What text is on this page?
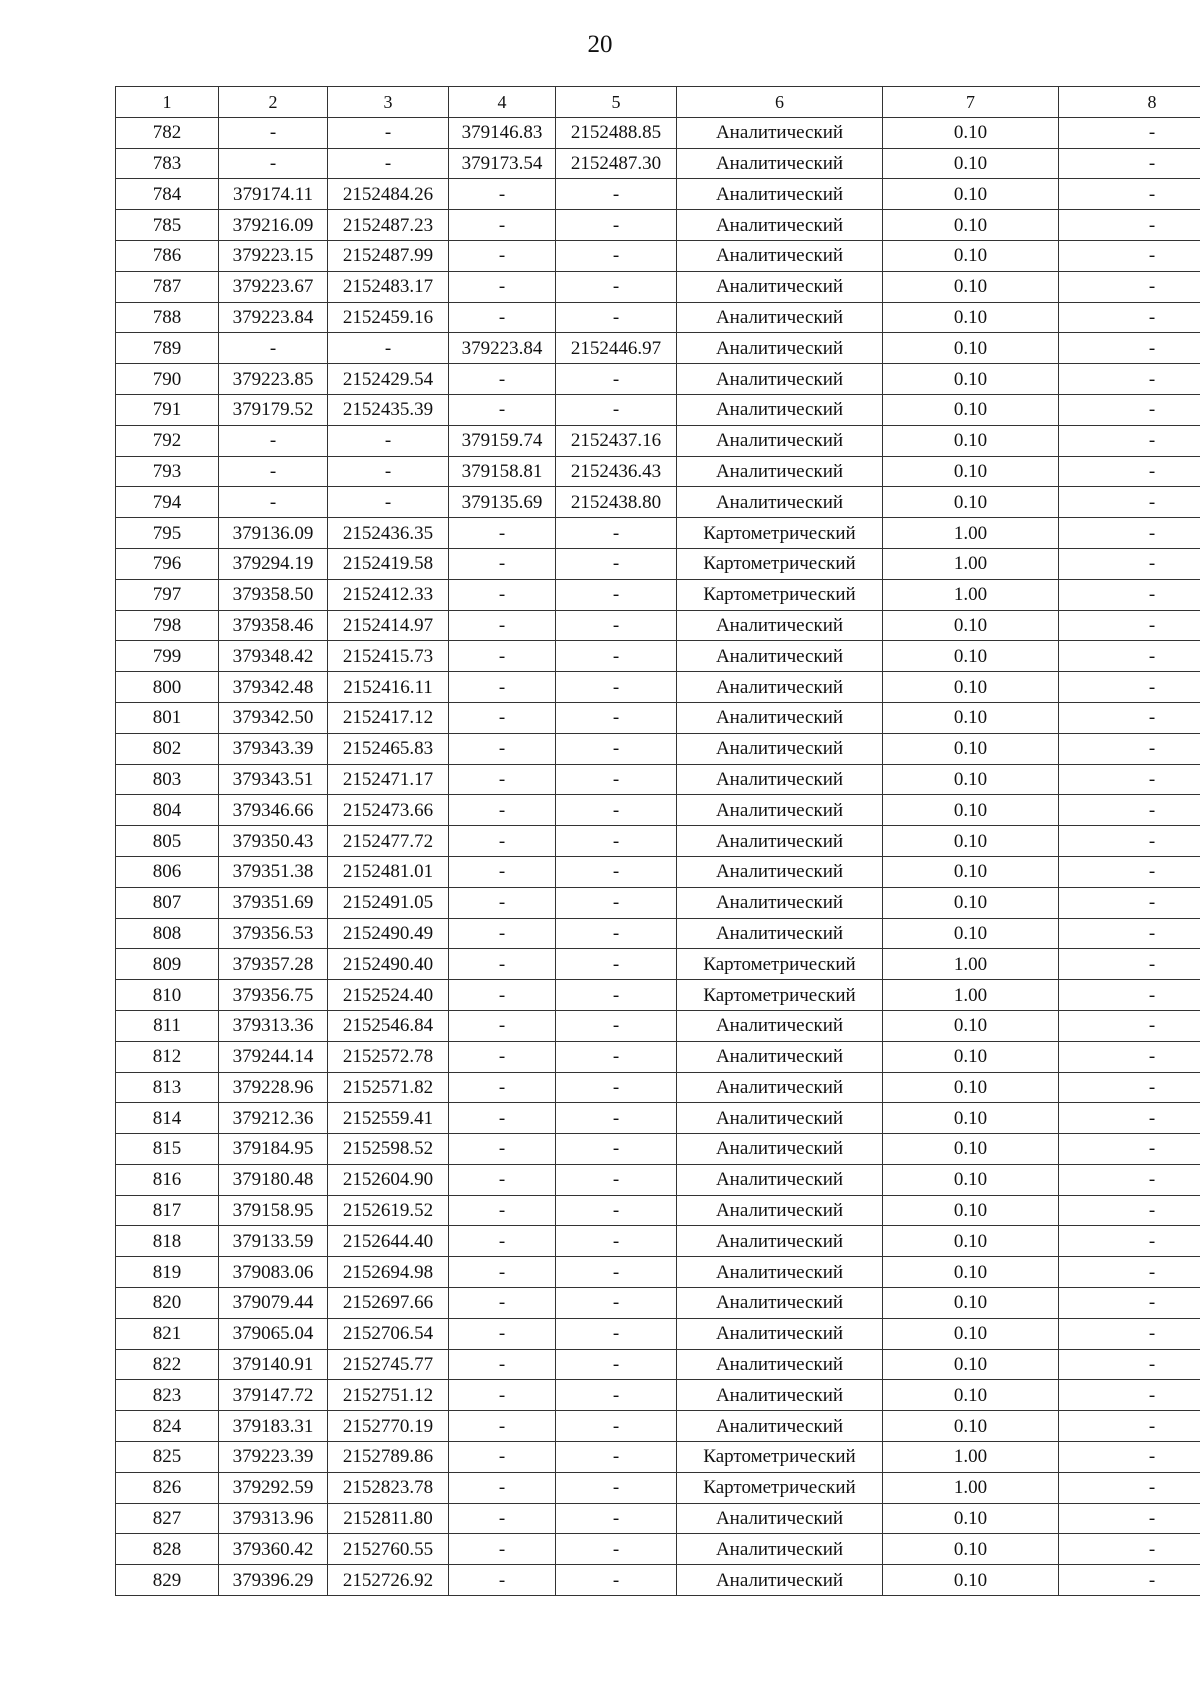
20
1	2	3	4	5	6	7	8
782	-	-	379146.83	2152488.85	Аналитический	0.10	-
783	-	-	379173.54	2152487.30	Аналитический	0.10	-
784	379174.11	2152484.26	-	-	Аналитический	0.10	-
785	379216.09	2152487.23	-	-	Аналитический	0.10	-
786	379223.15	2152487.99	-	-	Аналитический	0.10	-
787	379223.67	2152483.17	-	-	Аналитический	0.10	-
788	379223.84	2152459.16	-	-	Аналитический	0.10	-
789	-	-	379223.84	2152446.97	Аналитический	0.10	-
790	379223.85	2152429.54	-	-	Аналитический	0.10	-
791	379179.52	2152435.39	-	-	Аналитический	0.10	-
792	-	-	379159.74	2152437.16	Аналитический	0.10	-
793	-	-	379158.81	2152436.43	Аналитический	0.10	-
794	-	-	379135.69	2152438.80	Аналитический	0.10	-
795	379136.09	2152436.35	-	-	Картометрический	1.00	-
796	379294.19	2152419.58	-	-	Картометрический	1.00	-
797	379358.50	2152412.33	-	-	Картометрический	1.00	-
798	379358.46	2152414.97	-	-	Аналитический	0.10	-
799	379348.42	2152415.73	-	-	Аналитический	0.10	-
800	379342.48	2152416.11	-	-	Аналитический	0.10	-
801	379342.50	2152417.12	-	-	Аналитический	0.10	-
802	379343.39	2152465.83	-	-	Аналитический	0.10	-
803	379343.51	2152471.17	-	-	Аналитический	0.10	-
804	379346.66	2152473.66	-	-	Аналитический	0.10	-
805	379350.43	2152477.72	-	-	Аналитический	0.10	-
806	379351.38	2152481.01	-	-	Аналитический	0.10	-
807	379351.69	2152491.05	-	-	Аналитический	0.10	-
808	379356.53	2152490.49	-	-	Аналитический	0.10	-
809	379357.28	2152490.40	-	-	Картометрический	1.00	-
810	379356.75	2152524.40	-	-	Картометрический	1.00	-
811	379313.36	2152546.84	-	-	Аналитический	0.10	-
812	379244.14	2152572.78	-	-	Аналитический	0.10	-
813	379228.96	2152571.82	-	-	Аналитический	0.10	-
814	379212.36	2152559.41	-	-	Аналитический	0.10	-
815	379184.95	2152598.52	-	-	Аналитический	0.10	-
816	379180.48	2152604.90	-	-	Аналитический	0.10	-
817	379158.95	2152619.52	-	-	Аналитический	0.10	-
818	379133.59	2152644.40	-	-	Аналитический	0.10	-
819	379083.06	2152694.98	-	-	Аналитический	0.10	-
820	379079.44	2152697.66	-	-	Аналитический	0.10	-
821	379065.04	2152706.54	-	-	Аналитический	0.10	-
822	379140.91	2152745.77	-	-	Аналитический	0.10	-
823	379147.72	2152751.12	-	-	Аналитический	0.10	-
824	379183.31	2152770.19	-	-	Аналитический	0.10	-
825	379223.39	2152789.86	-	-	Картометрический	1.00	-
826	379292.59	2152823.78	-	-	Картометрический	1.00	-
827	379313.96	2152811.80	-	-	Аналитический	0.10	-
828	379360.42	2152760.55	-	-	Аналитический	0.10	-
829	379396.29	2152726.92	-	-	Аналитический	0.10	-
